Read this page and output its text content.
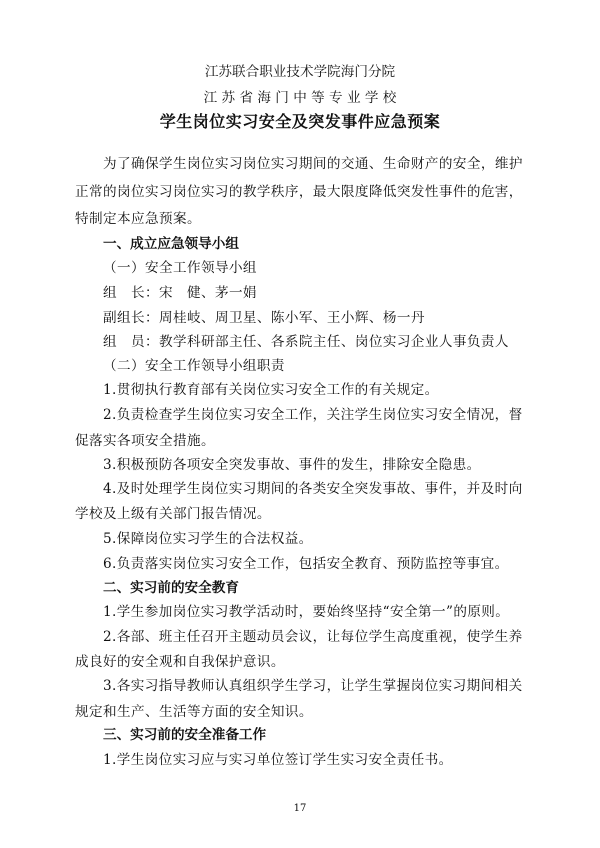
江苏联合职业技术学院海门分院
江 苏 省 海 门 中 等 专 业 学 校
学生岗位实习安全及突发事件应急预案
为了确保学生岗位实习岗位实习期间的交通、生命财产的安全，维护
正常的岗位实习岗位实习的教学秩序，最大限度降低突发性事件的危害，
特制定本应急预案。
一、成立应急领导小组
（一）安全工作领导小组
组　长：宋　健、茅一娟
副组长：周桂岐、周卫星、陈小军、王小辉、杨一丹
组　员：教学科研部主任、各系院主任、岗位实习企业人事负责人
（二）安全工作领导小组职责
1.贯彻执行教育部有关岗位实习安全工作的有关规定。
2.负责检查学生岗位实习安全工作，关注学生岗位实习安全情况，督
促落实各项安全措施。
3.积极预防各项安全突发事故、事件的发生，排除安全隐患。
4.及时处理学生岗位实习期间的各类安全突发事故、事件，并及时向
学校及上级有关部门报告情况。
5.保障岗位实习学生的合法权益。
6.负责落实岗位实习安全工作，包括安全教育、预防监控等事宜。
二、实习前的安全教育
1.学生参加岗位实习教学活动时，要始终坚持“安全第一”的原则。
2.各部、班主任召开主题动员会议，让每位学生高度重视，使学生养
成良好的安全观和自我保护意识。
3.各实习指导教师认真组织学生学习，让学生掌握岗位实习期间相关
规定和生产、生活等方面的安全知识。
三、实习前的安全准备工作
1.学生岗位实习应与实习单位签订学生实习安全责任书。
17
